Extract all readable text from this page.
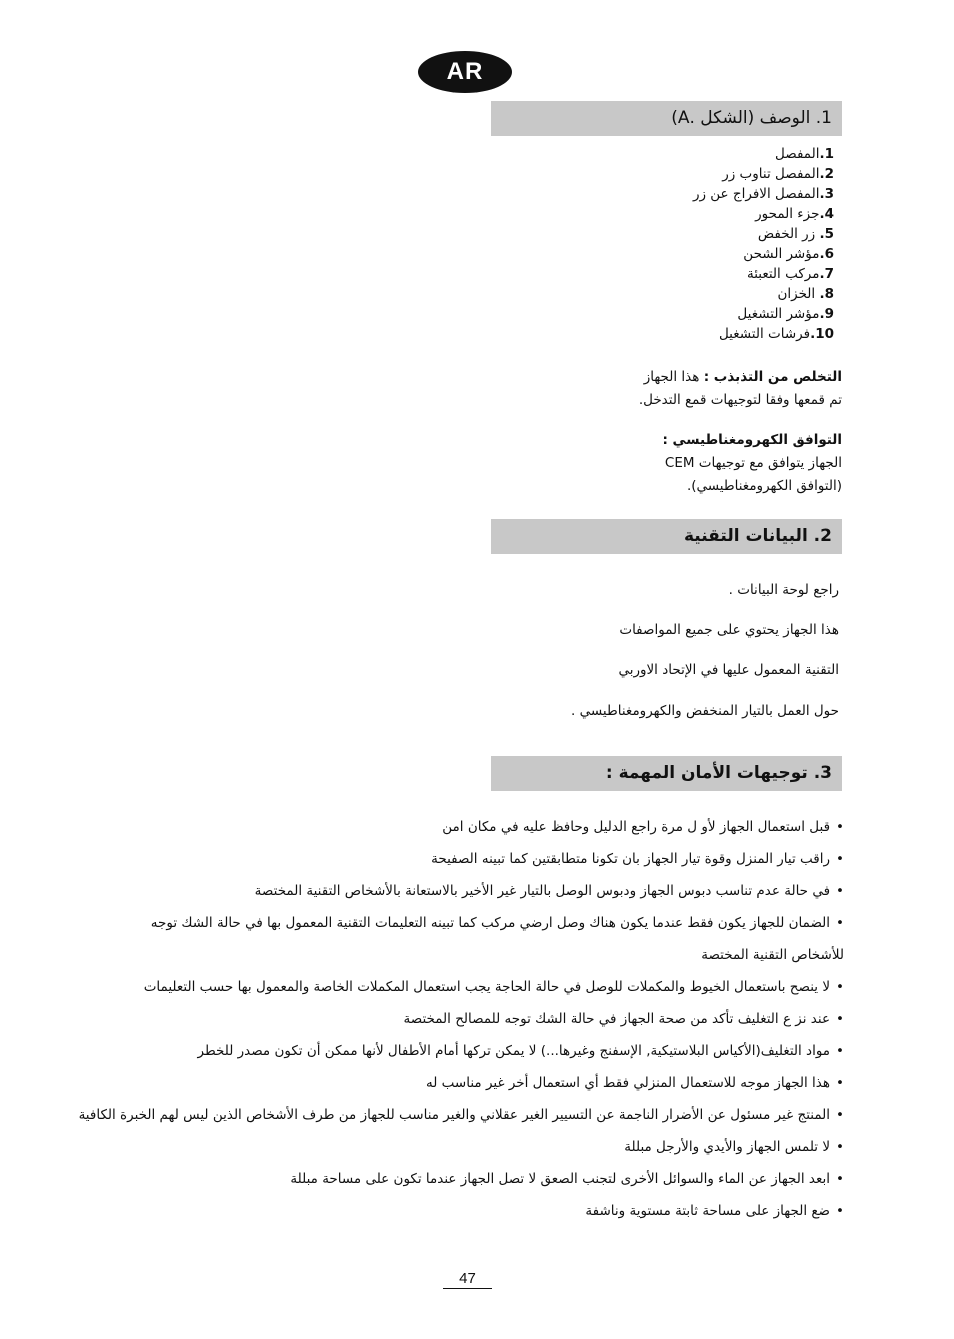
AR
1. الوصف (الشكل .A)
1.المفصل
2.المفصل تناوب زر
3.المفصل الافراج عن زر
4.جزء المحور
5. زر الخفض
6.مؤشر الشحن
7.مركب التعبئة
8. الخزان
9.مؤشر التشغيل
10.فرشات التشغيل
التخلص من التذبذب : هذا الجهاز
تم قمعها وفقا لتوجيهات قمع التدخل.
التوافق الكهرومغناطيسي :
الجهاز يتوافق مع توجيهات CEM
(التوافق الكهرومغناطيسي).
2. البيانات التقنية

راجع لوحة البيانات .

هذا الجهاز يحتوي على جميع المواصفات

التقنية المعمول عليها في الإتحاد الاوربي

حول العمل بالتيار المنخفض والكهرومغناطيسي .

3. توجيهات الأمان المهمة :
•قبل استعمال الجهاز لأو ل مرة راجع الدليل وحافظ عليه في مكان امن
•راقب تيار المنزل وقوة تيار الجهاز بان تكونا متطابقتين كما تبينه الصفيحة
•في حالة عدم تناسب دبوس الجهاز ودبوس الوصل بالتيار غير الأخير بالاستعانة بالأشخاص التقنية المختصة
•الضمان للجهاز يكون فقط عندما يكون هناك وصل ارضي مركب كما تبينه التعليمات التقنية المعمول بها في حالة الشك توجه
للأشخاص التقنية المختصة
•لا ينصح باستعمال الخيوط والمكملات للوصل في حالة الحاجة يجب استعمال المكملات الخاصة والمعمول بها حسب التعليمات
•عند نز ع التغليف تأكد من صحة الجهاز في حالة الشك توجه للمصالح المختصة
•مواد التغليف(الأكياس البلاستيكية, الإسفنج وغيرها...) لا يمكن تركها أمام الأطفال لأنها ممكن أن تكون مصدر للخطر
•هذا الجهاز موجه للاستعمال المنزلي فقط أي استعمال أخر غير مناسب له
•المنتج غير مسئول عن الأضرار الناجمة عن التسيير الغير عقلاني والغير مناسب للجهاز من طرف الأشخاص الذين ليس لهم الخبرة الكافية
•لا تلمس الجهاز والأيدي والأرجل مبللة
•ابعد الجهاز عن الماء والسوائل الأخرى لتجنب الصعق لا تصل الجهاز عندما تكون على مساحة مبللة
•ضع الجهاز على مساحة ثابتة مستوية وناشفة
47
